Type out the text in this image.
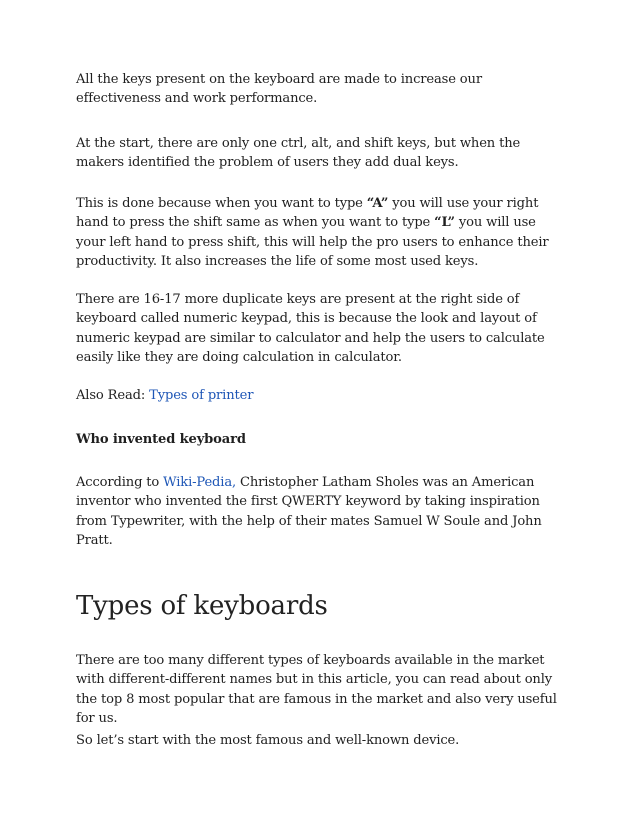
All the keys present on the keyboard are made to increase our effectiveness and work performance.

At the start, there are only one ctrl, alt, and shift keys, but when the makers identified the problem of users they add dual keys.

This is done because when you want to type “A” you will use your right hand to press the shift same as when you want to type “L” you will use your left hand to press shift, this will help the pro users to enhance their productivity. It also increases the life of some most used keys.

There are 16-17 more duplicate keys are present at the right side of keyboard called numeric keypad, this is because the look and layout of numeric keypad are similar to calculator and help the users to calculate easily like they are doing calculation in calculator.

Also Read: Types of printer

Who invented keyboard

According to Wiki-Pedia, Christopher Latham Sholes was an American inventor who invented the first QWERTY keyword by taking inspiration from Typewriter, with the help of their mates Samuel W Soule and John Pratt.

Types of keyboards

There are too many different types of keyboards available in the market with different-different names but in this article, you can read about only the top 8 most popular that are famous in the market and also very useful for us.

So let’s start with the most famous and well-known device.
